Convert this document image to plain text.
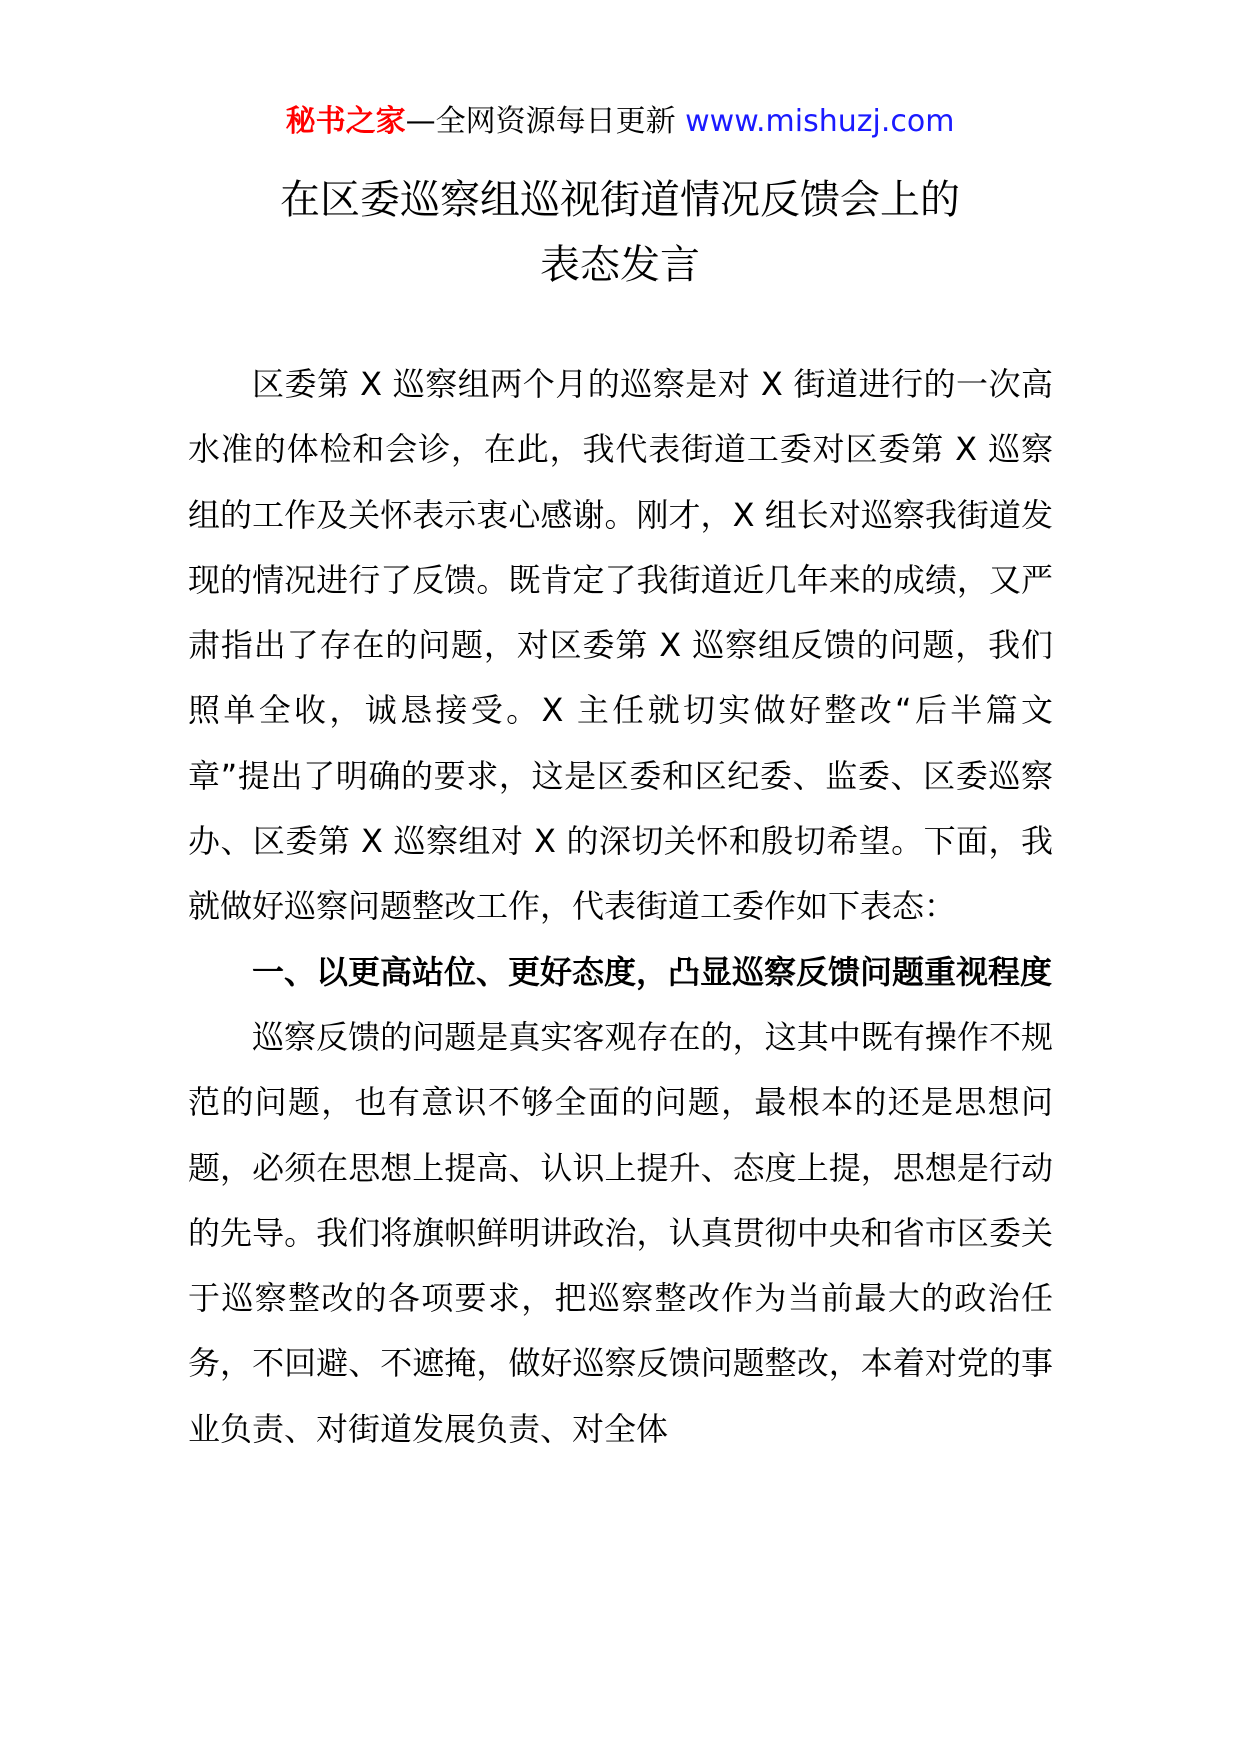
秘书之家—全网资源每日更新 www.mishuzj.com
在区委巡察组巡视街道情况反馈会上的
表态发言

区委第 X 巡察组两个月的巡察是对 X 街道进行的一次高水准的体检和会诊，在此，我代表街道工委对区委第 X 巡察组的工作及关怀表示衷心感谢。刚才，X 组长对巡察我街道发现的情况进行了反馈。既肯定了我街道近几年来的成绩，又严肃指出了存在的问题，对区委第 X 巡察组反馈的问题，我们照单全收，诚恳接受。X 主任就切实做好整改“后半篇文章”提出了明确的要求，这是区委和区纪委、监委、区委巡察办、区委第 X 巡察组对 X 的深切关怀和殷切希望。下面，我就做好巡察问题整改工作，代表街道工委作如下表态：

一、以更高站位、更好态度，凸显巡察反馈问题重视程度

巡察反馈的问题是真实客观存在的，这其中既有操作不规范的问题，也有意识不够全面的问题，最根本的还是思想问题，必须在思想上提高、认识上提升、态度上提，思想是行动的先导。我们将旗帜鲜明讲政治，认真贯彻中央和省市区委关于巡察整改的各项要求，把巡察整改作为当前最大的政治任务，不回避、不遮掩，做好巡察反馈问题整改，本着对党的事业负责、对街道发展负责、对全体
